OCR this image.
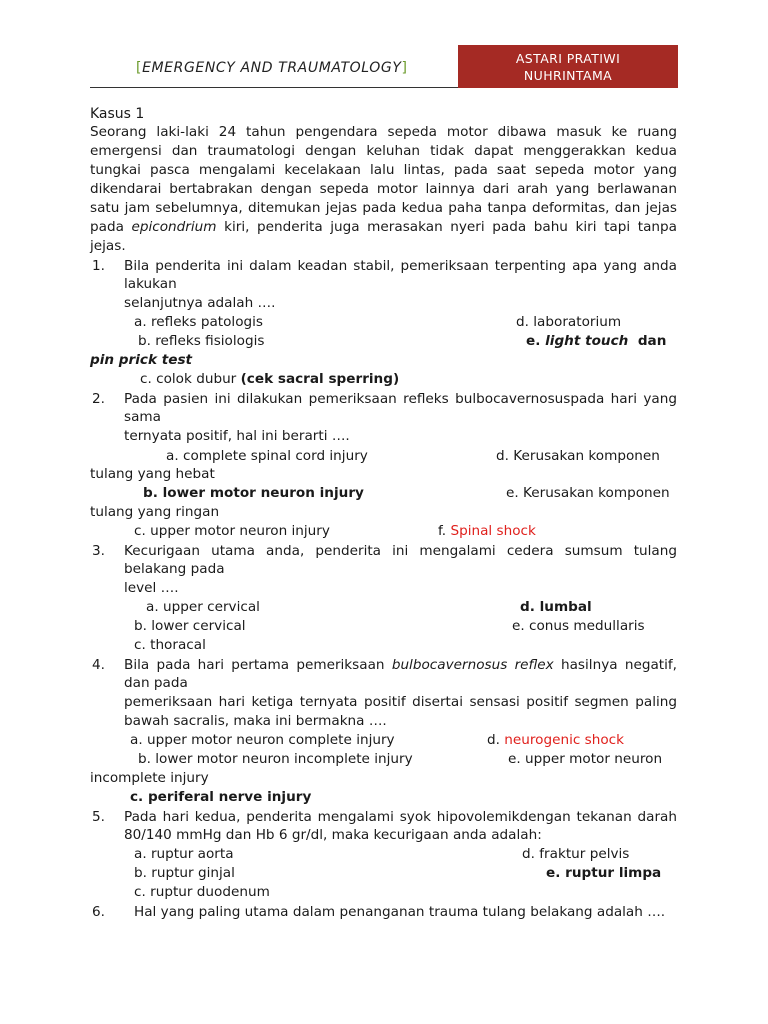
[EMERGENCY AND TRAUMATOLOGY]
ASTARI PRATIWI
NUHRINTAMA
Kasus 1
Seorang laki-laki 24 tahun pengendara sepeda motor dibawa masuk ke ruang
emergensi dan traumatologi dengan keluhan tidak dapat menggerakkan kedua
tungkai pasca mengalami kecelakaan lalu lintas, pada saat sepeda motor yang
dikendarai bertabrakan dengan sepeda motor lainnya dari arah yang berlawanan
satu jam sebelumnya, ditemukan jejas pada kedua paha tanpa deformitas, dan jejas
pada epicondrium kiri, penderita juga merasakan nyeri pada bahu kiri tapi tanpa
jejas.
1. Bila penderita ini dalam keadan stabil, pemeriksaan terpenting apa yang anda
lakukan
selanjutnya adalah ….
a. refleks patologis	d. laboratorium
b. refleks fisiologis	e. light touch dan
pin prick test
c. colok dubur (cek sacral sperring)
2. Pada pasien ini dilakukan pemeriksaan refleks bulbocavernosuspada hari yang
sama
ternyata positif, hal ini berarti ….
a. complete spinal cord injury	d. Kerusakan komponen
tulang yang hebat
b. lower motor neuron injury	e. Kerusakan komponen
tulang yang ringan
c. upper motor neuron injury	f. Spinal shock
3. Kecurigaan utama anda, penderita ini mengalami cedera sumsum tulang
belakang pada
level ….
a. upper cervical	d. lumbal
b. lower cervical	e. conus medullaris
c. thoracal
4. Bila pada hari pertama pemeriksaan bulbocavernosus reflex hasilnya negatif,
dan pada
pemeriksaan hari ketiga ternyata positif disertai sensasi positif segmen paling
bawah sacralis, maka ini bermakna ….
a. upper motor neuron complete injury	d. neurogenic shock
b. lower motor neuron incomplete injury	e. upper motor neuron
incomplete injury
c. periferal nerve injury
5. Pada hari kedua, penderita mengalami syok hipovolemikdengan tekanan darah
80/140 mmHg dan Hb 6 gr/dl, maka kecurigaan anda adalah:
a. ruptur aorta	d. fraktur pelvis
b. ruptur ginjal	e. ruptur limpa
c. ruptur duodenum
6. Hal yang paling utama dalam penanganan trauma tulang belakang adalah ….
